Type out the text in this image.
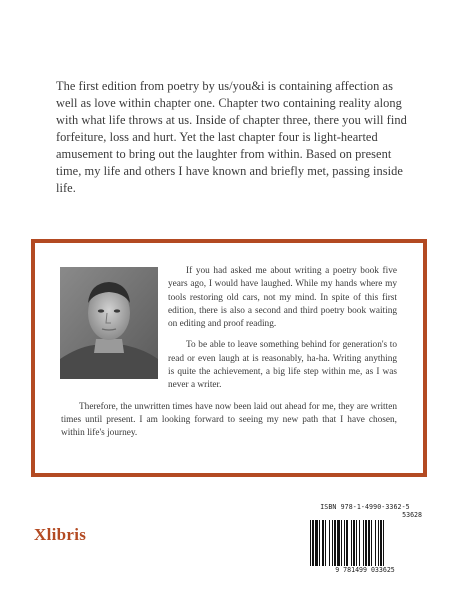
The first edition from poetry by us/you&i is containing affection as well as love within chapter one. Chapter two containing reality along with what life throws at us. Inside of chapter three, there you will find forfeiture, loss and hurt. Yet the last chapter four is light-hearted amusement to bring out the laughter from within. Based on present time, my life and others I have known and briefly met, passing inside life.

If you had asked me about writing a poetry book five years ago, I would have laughed. While my hands where my tools restoring old cars, not my mind. In spite of this first edition, there is also a second and third poetry book waiting on editing and proof reading.

To be able to leave something behind for generation's to read or even laugh at is reasonably, ha-ha. Writing anything is quite the achievement, a big life step within me, as I was never a writer.

Therefore, the unwritten times have now been laid out ahead for me, they are written times until present. I am looking forward to seeing my new path that I have chosen, within life's journey.

Xlibris
ISBN 978-1-4990-3362-5
53628
9 781499 033625
